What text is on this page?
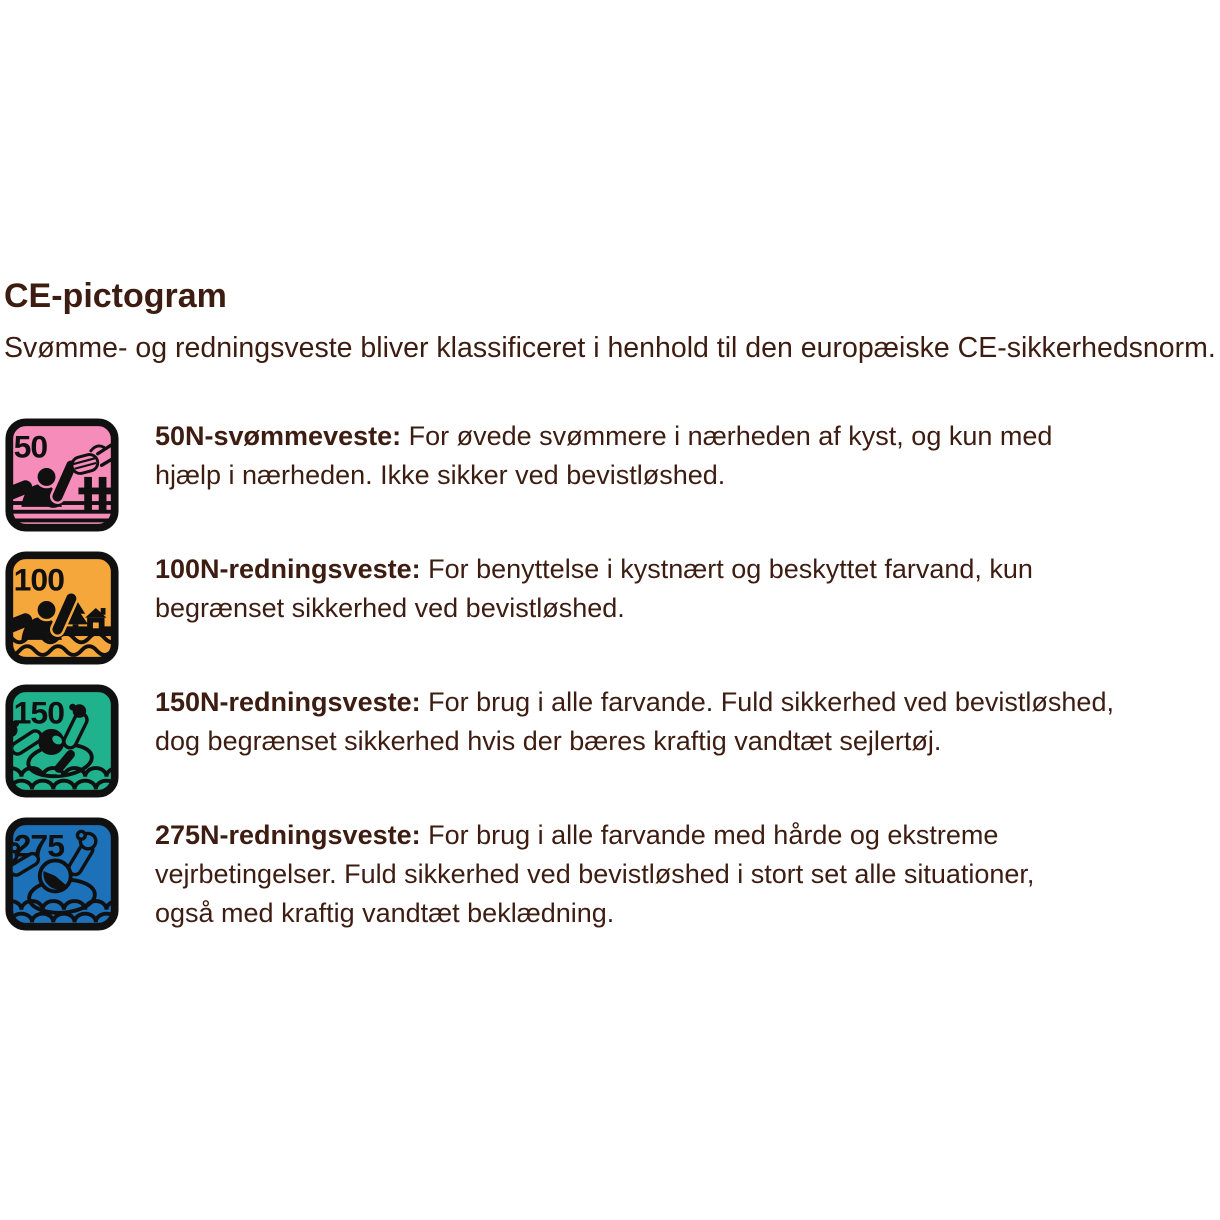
CE-pictogram

Svømme- og redningsveste bliver klassificeret i henhold til den europæiske CE-sikkerhedsnorm.

50	50N-svømmeveste: For øvede svømmere i nærheden af kyst, og kun med
hjælp i nærheden. Ikke sikker ved bevistløshed.

100	100N-redningsveste: For benyttelse i kystnært og beskyttet farvand, kun
begrænset sikkerhed ved bevistløshed.

150	150N-redningsveste: For brug i alle farvande. Fuld sikkerhed ved bevistløshed,
dog begrænset sikkerhed hvis der bæres kraftig vandtæt sejlertøj.

275	275N-redningsveste: For brug i alle farvande med hårde og ekstreme
vejrbetingelser. Fuld sikkerhed ved bevistløshed i stort set alle situationer,
også med kraftig vandtæt beklædning.
